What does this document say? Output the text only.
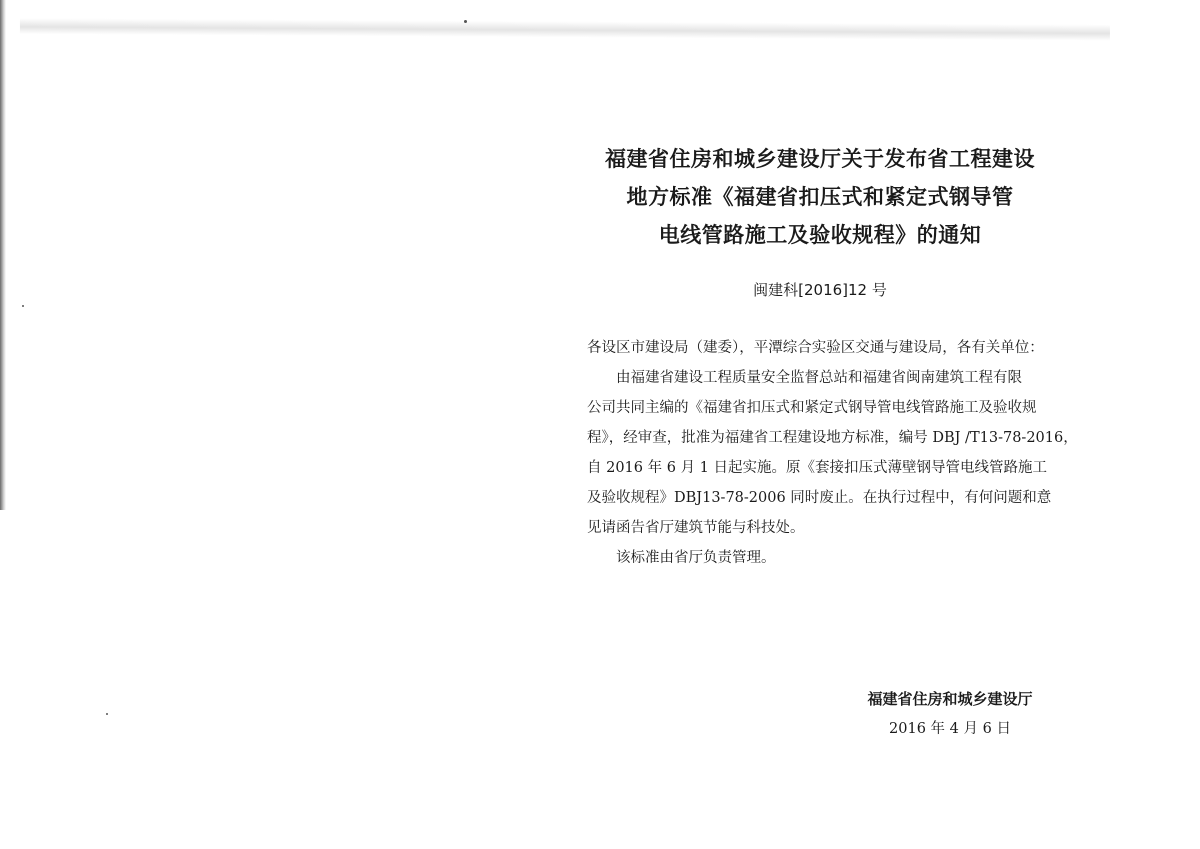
福建省住房和城乡建设厅关于发布省工程建设
地方标准《福建省扣压式和紧定式钢导管
电线管路施工及验收规程》的通知
闽建科[2016]12 号
各设区市建设局（建委），平潭综合实验区交通与建设局，各有关单位：
由福建省建设工程质量安全监督总站和福建省闽南建筑工程有限
公司共同主编的《福建省扣压式和紧定式钢导管电线管路施工及验收规
程》，经审查，批准为福建省工程建设地方标准，编号 DBJ /T13-78-2016，
自 2016 年 6 月 1 日起实施。原《套接扣压式薄壁钢导管电线管路施工
及验收规程》DBJ13-78-2006 同时废止。在执行过程中，有何问题和意
见请函告省厅建筑节能与科技处。
该标准由省厅负责管理。
福建省住房和城乡建设厅
2016 年 4 月 6 日
